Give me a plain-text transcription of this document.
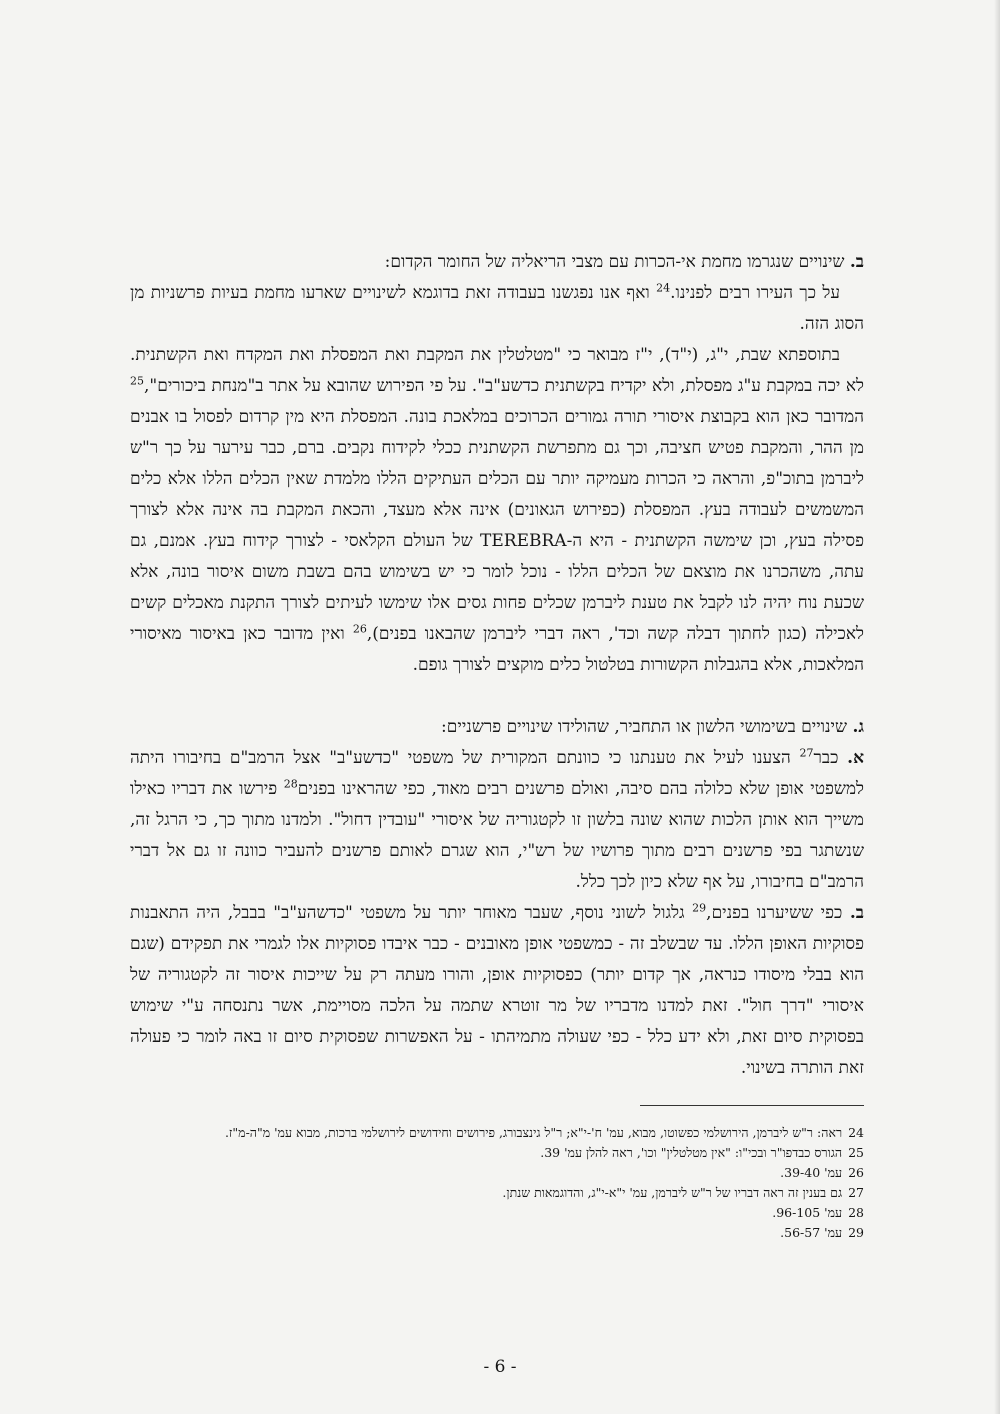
ב. שינויים שנגרמו מחמת אי-הכרות עם מצבי הריאליה של החומר הקדום:

על כך העירו רבים לפנינו.$^{24}$ ואף אנו נפגשנו בעבודה זאת בדוגמא לשינויים שארעו מחמת בעיות פרשניות מן הסוג הזה.

בתוספתא שבת, י"ג, (י"ד), י"ז מבואר כי "מטלטלין את המקבת ואת המפסלת ואת המקדח ואת הקשתנית. לא יכה במקבת ע"ג מפסלת, ולא יקדיח בקשתנית כדשע"ב". על פי הפירוש שהובא על אתר ב"מנחת ביכורים",$^{25}$ המדובר כאן הוא בקבוצת איסורי תורה גמורים הכרוכים במלאכת בונה. המפסלת היא מין קרדום לפסול בו אבנים מן ההר, והמקבת פטיש חציבה, וכך גם מתפרשת הקשתנית ככלי לקידוח נקבים. ברם, כבר עירער על כך ר"ש ליברמן בתוכ"פ, והראה כי הכרות מעמיקה יותר עם הכלים העתיקים הללו מלמדת שאין הכלים הללו אלא כלים המשמשים לעבודה בעץ. המפסלת (כפירוש הגאונים) אינה אלא מעצד, והכאת המקבת בה אינה אלא לצורך פסילה בעץ, וכן שימשה הקשתנית - היא ה-TEREBRA של העולם הקלאסי - לצורך קידוח בעץ. אמנם, גם עתה, משהכרנו את מוצאם של הכלים הללו - נוכל לומר כי יש בשימוש בהם בשבת משום איסור בונה, אלא שכעת נוח יהיה לנו לקבל את טענת ליברמן שכלים פחות גסים אלו שימשו לעיתים לצורך התקנת מאכלים קשים לאכילה (כגון לחתוך דבלה קשה וכד', ראה דברי ליברמן שהבאנו בפנים),$^{26}$ ואין מדובר כאן באיסור מאיסורי המלאכות, אלא בהגבלות הקשורות בטלטול כלים מוקצים לצורך גופם.

ג. שינויים בשימושי הלשון או התחביר, שהולידו שינויים פרשניים:

א. כבר$^{27}$ הצענו לעיל את טענתנו כי כוונתם המקורית של משפטי "כדשע"ב" אצל הרמב"ם בחיבורו היתה למשפטי אופן שלא כלולה בהם סיבה, ואולם פרשנים רבים מאוד, כפי שהראינו בפנים$^{28}$ פירשו את דבריו כאילו משייך הוא אותן הלכות שהוא שונה בלשון זו לקטגוריה של איסורי "עובדין דחול". ולמדנו מתוך כך, כי הרגל זה, שנשתגר בפי פרשנים רבים מתוך פרושיו של רש"י, הוא שגרם לאותם פרשנים להעביר כוונה זו גם אל דברי הרמב"ם בחיבורו, על אף שלא כיון לכך כלל.

ב. כפי ששיערנו בפנים,$^{29}$ גלגול לשוני נוסף, שעבר מאוחר יותר על משפטי "כדשהע"ב" בבבל, היה התאבנות פסוקיות האופן הללו. עד שבשלב זה - כמשפטי אופן מאובנים - כבר איבדו פסוקיות אלו לגמרי את תפקידם (שגם הוא בבלי מיסודו כנראה, אך קדום יותר) כפסוקיות אופן, והורו מעתה רק על שייכות איסור זה לקטגוריה של איסורי "דרך חול". זאת למדנו מדבריו של מר זוטרא שתמה על הלכה מסויימת, אשר נתנסחה ע"י שימוש בפסוקית סיום זאת, ולא ידע כלל - כפי שעולה מתמיהתו - על האפשרות שפסוקית סיום זו באה לומר כי פעולה זאת הותרה בשינוי.

24ראה: ר"ש ליברמן, הירושלמי כפשוטו, מבוא, עמ' ח'-י"א; ר"ל גינצבורג, פירושים וחידושים לירושלמי ברכות, מבוא עמ' מ"ה-מ"ז.

25הגורס כבדפו"ר ובכי"ו: "אין מטלטלין" וכו', ראה להלן עמ' 39.

26עמ' 39-40.

27גם בענין זה ראה דבריו של ר"ש ליברמן, עמ' י"א-י"ג, והדוגמאות שנתן.

28עמ' 96-105.

29עמ' 56-57.

- 6 -
